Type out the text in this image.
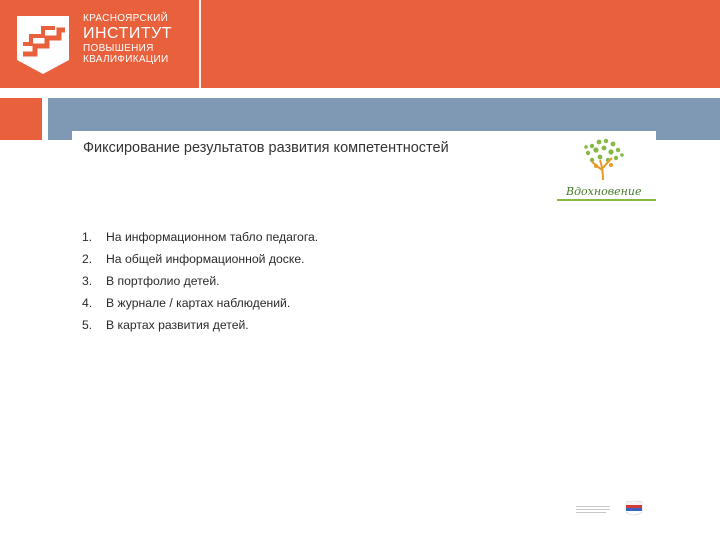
КРАСНОЯРСКИЙ
ИНСТИТУТ
ПОВЫШЕНИЯ
КВАЛИФИКАЦИИ
Фиксирование результатов развития компетентностей
Вдохновение
1. На информационном табло педагога.
2. На общей информационной доске.
3. В портфолио детей.
4. В журнале / картах наблюдений.
5. В картах развития детей.
